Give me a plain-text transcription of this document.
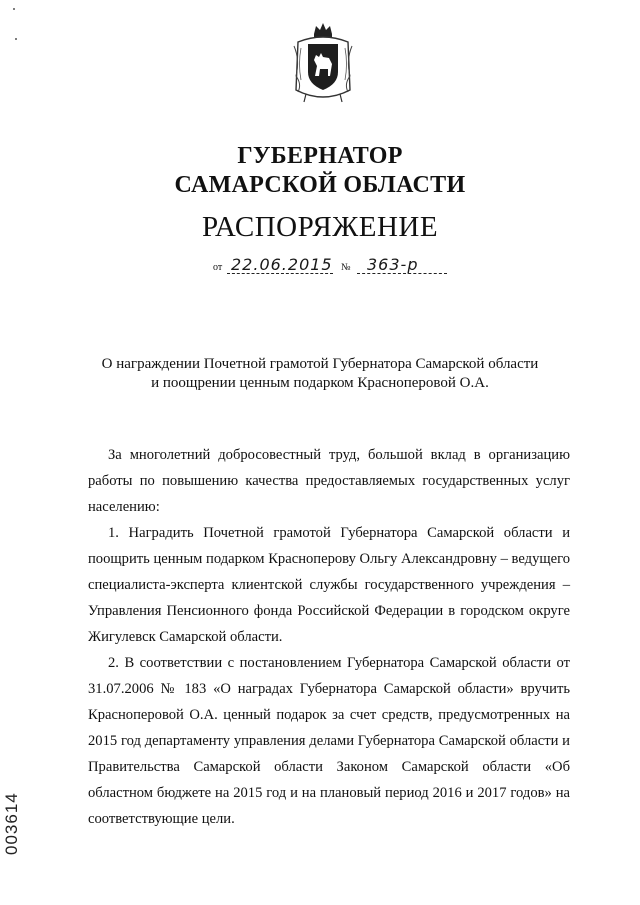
ГУБЕРНАТОР
САМАРСКОЙ ОБЛАСТИ
РАСПОРЯЖЕНИЕ
от 22.06.2015 № 363-р
О награждении Почетной грамотой Губернатора Самарской области
и поощрении ценным подарком Красноперовой О.А.

За многолетний добросовестный труд, большой вклад в организацию работы по повышению качества предоставляемых государственных услуг населению:

1. Наградить Почетной грамотой Губернатора Самарской области и поощрить ценным подарком Красноперову Ольгу Александровну – ведущего специалиста-эксперта клиентской службы государственного учреждения – Управления Пенсионного фонда Российской Федерации в городском округе Жигулевск Самарской области.

2. В соответствии с постановлением Губернатора Самарской области от 31.07.2006 № 183 «О наградах Губернатора Самарской области» вручить Красноперовой О.А. ценный подарок за счет средств, предусмотренных на 2015 год департаменту управления делами Губернатора Самарской области и Правительства Самарской области Законом Самарской области «Об областном бюджете на 2015 год и на плановый период 2016 и 2017 годов» на соответствующие цели.

003614
